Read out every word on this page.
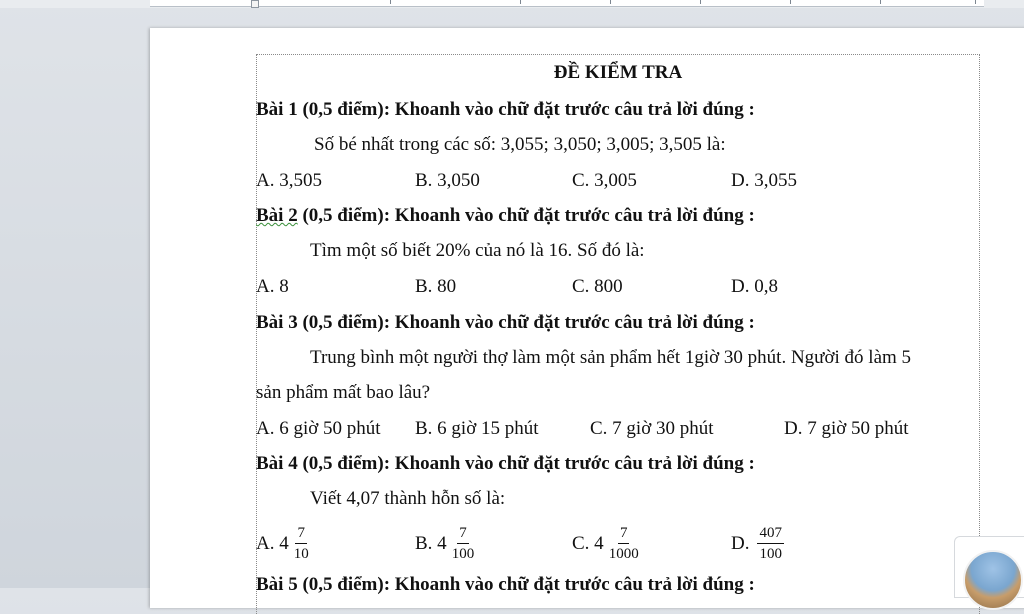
ĐỀ KIỂM TRA
Bài 1 (0,5 điểm): Khoanh vào chữ đặt trước câu trả lời đúng :
Số bé nhất trong các số: 3,055; 3,050; 3,005; 3,505 là:
A. 3,505	B. 3,050	C. 3,005	D. 3,055
Bài 2 (0,5 điểm): Khoanh vào chữ đặt trước câu trả lời đúng :
Tìm một số biết 20% của nó là 16. Số đó là:
A. 8	B. 80	C. 800	D. 0,8
Bài 3 (0,5 điểm): Khoanh vào chữ đặt trước câu trả lời đúng :
Trung bình một người thợ làm một sản phẩm hết 1giờ 30 phút. Người đó làm 5
sản phẩm mất bao lâu?
A. 6 giờ 50 phút B. 6 giờ 15 phút	C. 7 giờ 30 phút	D. 7 giờ 50 phút
Bài 4 (0,5 điểm): Khoanh vào chữ đặt trước câu trả lời đúng :
Viết 4,07 thành hỗn số là:
A. $4 \frac{7}{10}$	B. $4 \frac{7}{100}$	C. $4 \frac{7}{1000}$	D. $\frac{407}{100}$
Bài 5 (0,5 điểm): Khoanh vào chữ đặt trước câu trả lời đúng :
